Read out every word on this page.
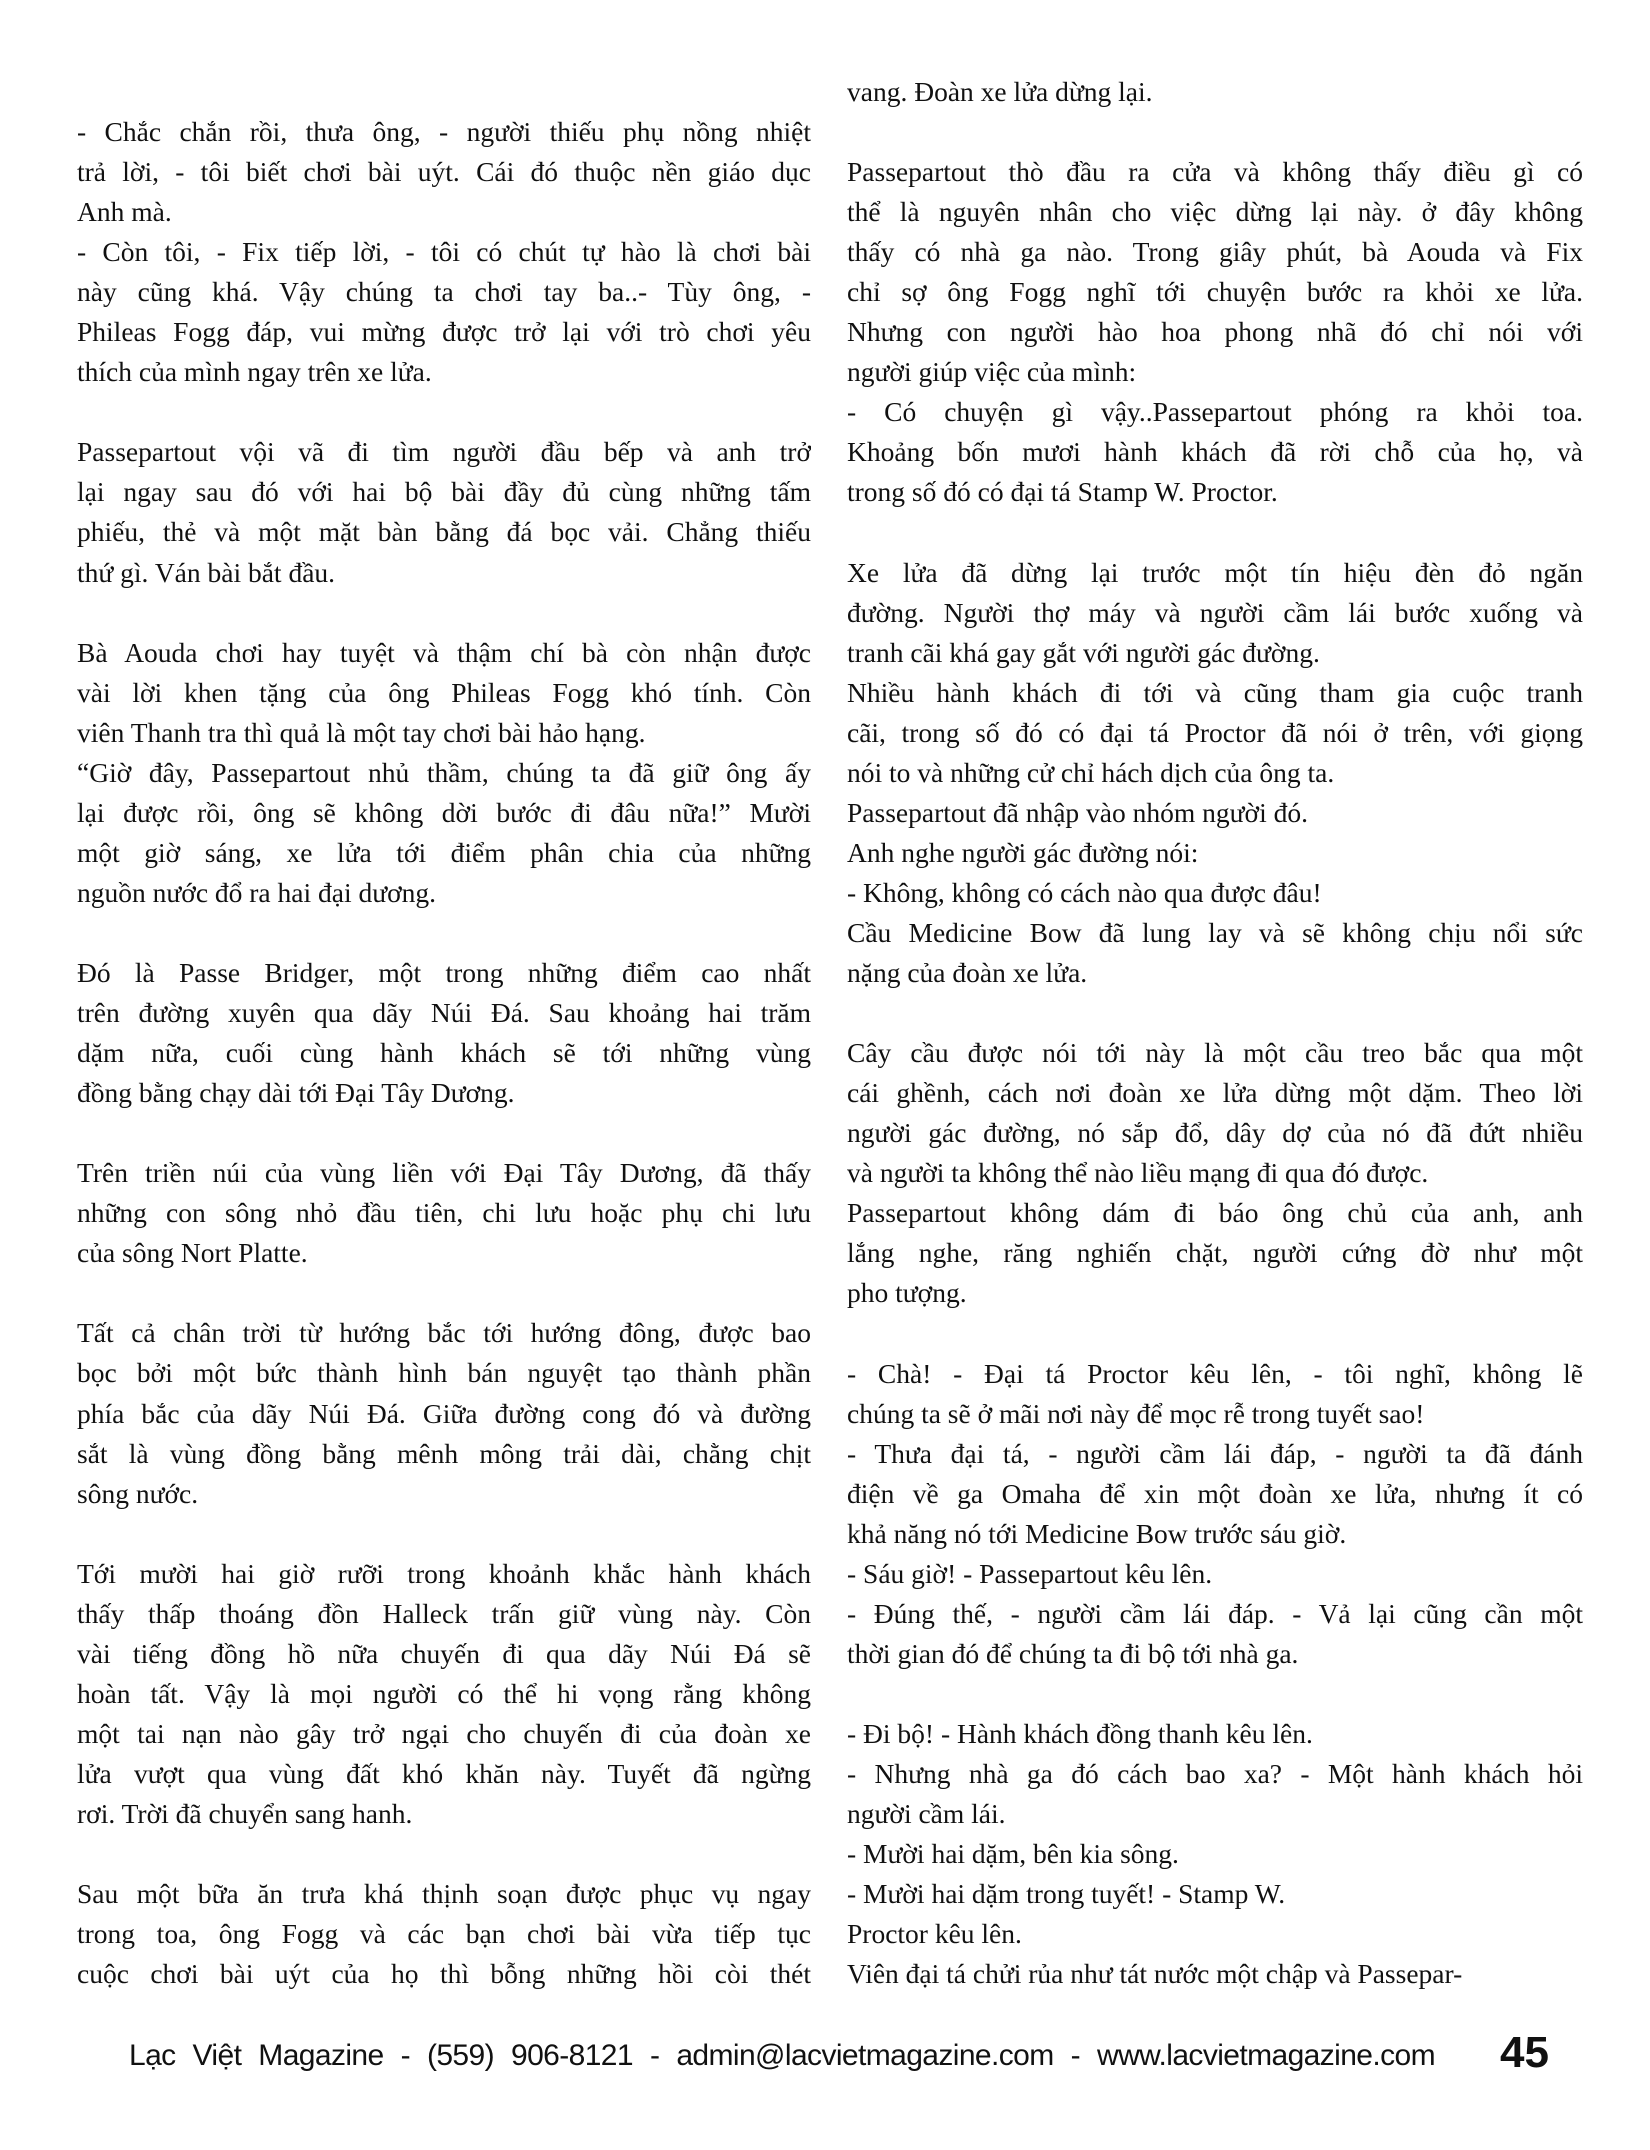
- Chắc chắn rồi, thưa ông, - người thiếu phụ nồng nhiệt
trả lời, - tôi biết chơi bài uýt. Cái đó thuộc nền giáo dục
Anh mà.
- Còn tôi, - Fix tiếp lời, - tôi có chút tự hào là chơi bài
này cũng khá. Vậy chúng ta chơi tay ba..- Tùy ông, -
Phileas Fogg đáp, vui mừng được trở lại với trò chơi yêu
thích của mình ngay trên xe lửa.
Passepartout vội vã đi tìm người đầu bếp và anh trở
lại ngay sau đó với hai bộ bài đầy đủ cùng những tấm
phiếu, thẻ và một mặt bàn bằng đá bọc vải. Chẳng thiếu
thứ gì. Ván bài bắt đầu.
Bà Aouda chơi hay tuyệt và thậm chí bà còn nhận được
vài lời khen tặng của ông Phileas Fogg khó tính. Còn
viên Thanh tra thì quả là một tay chơi bài hảo hạng.
“Giờ đây, Passepartout nhủ thầm, chúng ta đã giữ ông ấy
lại được rồi, ông sẽ không dời bước đi đâu nữa!” Mười
một giờ sáng, xe lửa tới điểm phân chia của những
nguồn nước đổ ra hai đại dương.
Đó là Passe Bridger, một trong những điểm cao nhất
trên đường xuyên qua dãy Núi Đá. Sau khoảng hai trăm
dặm nữa, cuối cùng hành khách sẽ tới những vùng
đồng bằng chạy dài tới Đại Tây Dương.
Trên triền núi của vùng liền với Đại Tây Dương, đã thấy
những con sông nhỏ đầu tiên, chi lưu hoặc phụ chi lưu
của sông Nort Platte.
Tất cả chân trời từ hướng bắc tới hướng đông, được bao
bọc bởi một bức thành hình bán nguyệt tạo thành phần
phía bắc của dãy Núi Đá. Giữa đường cong đó và đường
sắt là vùng đồng bằng mênh mông trải dài, chằng chịt
sông nước.
Tới mười hai giờ rưỡi trong khoảnh khắc hành khách
thấy thấp thoáng đồn Halleck trấn giữ vùng này. Còn
vài tiếng đồng hồ nữa chuyến đi qua dãy Núi Đá sẽ
hoàn tất. Vậy là mọi người có thể hi vọng rằng không
một tai nạn nào gây trở ngại cho chuyến đi của đoàn xe
lửa vượt qua vùng đất khó khăn này. Tuyết đã ngừng
rơi. Trời đã chuyển sang hanh.
Sau một bữa ăn trưa khá thịnh soạn được phục vụ ngay
trong toa, ông Fogg và các bạn chơi bài vừa tiếp tục
cuộc chơi bài uýt của họ thì bỗng những hồi còi thét
vang. Đoàn xe lửa dừng lại.
Passepartout thò đầu ra cửa và không thấy điều gì có
thể là nguyên nhân cho việc dừng lại này. ở đây không
thấy có nhà ga nào. Trong giây phút, bà Aouda và Fix
chỉ sợ ông Fogg nghĩ tới chuyện bước ra khỏi xe lửa.
Nhưng con người hào hoa phong nhã đó chỉ nói với
người giúp việc của mình:
- Có chuyện gì vậy..Passepartout phóng ra khỏi toa.
Khoảng bốn mươi hành khách đã rời chỗ của họ, và
trong số đó có đại tá Stamp W. Proctor.
Xe lửa đã dừng lại trước một tín hiệu đèn đỏ ngăn
đường. Người thợ máy và người cầm lái bước xuống và
tranh cãi khá gay gắt với người gác đường.
Nhiều hành khách đi tới và cũng tham gia cuộc tranh
cãi, trong số đó có đại tá Proctor đã nói ở trên, với giọng
nói to và những cử chỉ hách dịch của ông ta.
Passepartout đã nhập vào nhóm người đó.
Anh nghe người gác đường nói:
- Không, không có cách nào qua được đâu!
Cầu Medicine Bow đã lung lay và sẽ không chịu nổi sức
nặng của đoàn xe lửa.
Cây cầu được nói tới này là một cầu treo bắc qua một
cái ghềnh, cách nơi đoàn xe lửa dừng một dặm. Theo lời
người gác đường, nó sắp đổ, dây dợ của nó đã đứt nhiều
và người ta không thể nào liều mạng đi qua đó được.
Passepartout không dám đi báo ông chủ của anh, anh
lắng nghe, răng nghiến chặt, người cứng đờ như một
pho tượng.
- Chà! - Đại tá Proctor kêu lên, - tôi nghĩ, không lẽ
chúng ta sẽ ở mãi nơi này để mọc rễ trong tuyết sao!
- Thưa đại tá, - người cầm lái đáp, - người ta đã đánh
điện về ga Omaha để xin một đoàn xe lửa, nhưng ít có
khả năng nó tới Medicine Bow trước sáu giờ.
- Sáu giờ! - Passepartout kêu lên.
- Đúng thế, - người cầm lái đáp. - Vả lại cũng cần một
thời gian đó để chúng ta đi bộ tới nhà ga.
- Đi bộ! - Hành khách đồng thanh kêu lên.
- Nhưng nhà ga đó cách bao xa? - Một hành khách hỏi
người cầm lái.
- Mười hai dặm, bên kia sông.
- Mười hai dặm trong tuyết! - Stamp W.
Proctor kêu lên.
Viên đại tá chửi rủa như tát nước một chập và Passepar-
Lạc Việt Magazine - (559) 906-8121 - admin@lacvietmagazine.com - www.lacvietmagazine.com 45
